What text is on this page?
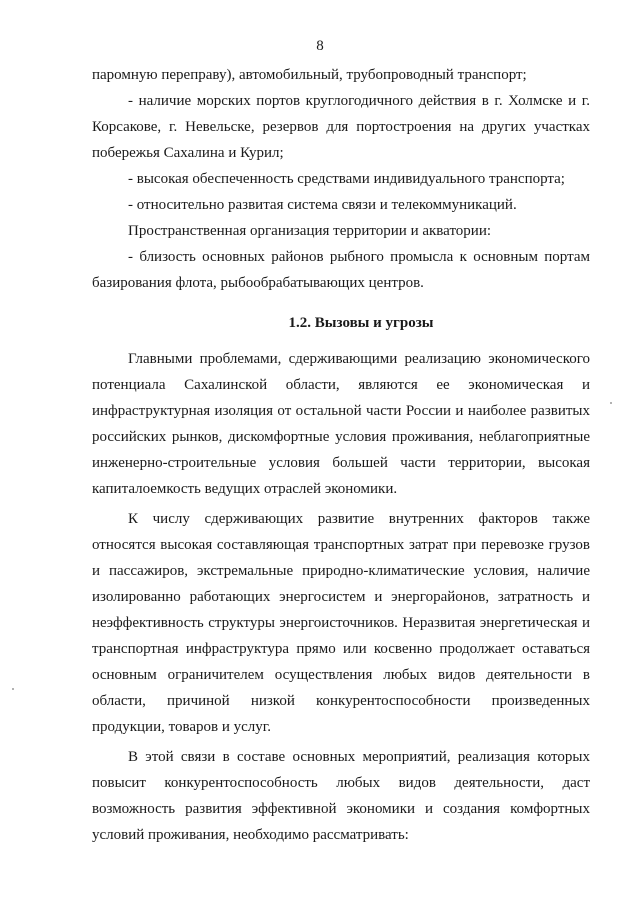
8

паромную переправу), автомобильный, трубопроводный транспорт;

- наличие морских портов круглогодичного действия в г. Холмске и г. Корсакове, г. Невельске, резервов для портостроения на других участках побережья Сахалина и Курил;

- высокая обеспеченность средствами индивидуального транспорта;

- относительно развитая система связи и телекоммуникаций.

Пространственная организация территории и акватории:

- близость основных районов рыбного промысла к основным портам базирования флота, рыбообрабатывающих центров.

1.2. Вызовы и угрозы

Главными проблемами, сдерживающими реализацию экономического потенциала Сахалинской области, являются ее экономическая и инфраструктурная изоляция от остальной части России и наиболее развитых российских рынков, дискомфортные условия проживания, неблагоприятные инженерно-строительные условия большей части территории, высокая капиталоемкость ведущих отраслей экономики.

К числу сдерживающих развитие внутренних факторов также относятся высокая составляющая транспортных затрат при перевозке грузов и пассажиров, экстремальные природно-климатические условия, наличие изолированно работающих энергосистем и энергорайонов, затратность и неэффективность структуры энергоисточников. Неразвитая энергетическая и транспортная инфраструктура прямо или косвенно продолжает оставаться основным ограничителем осуществления любых видов деятельности в области, причиной низкой конкурентоспособности произведенных продукции, товаров и услуг.

В этой связи в составе основных мероприятий, реализация которых повысит конкурентоспособность любых видов деятельности, даст возможность развития эффективной экономики и создания комфортных условий проживания, необходимо рассматривать:
